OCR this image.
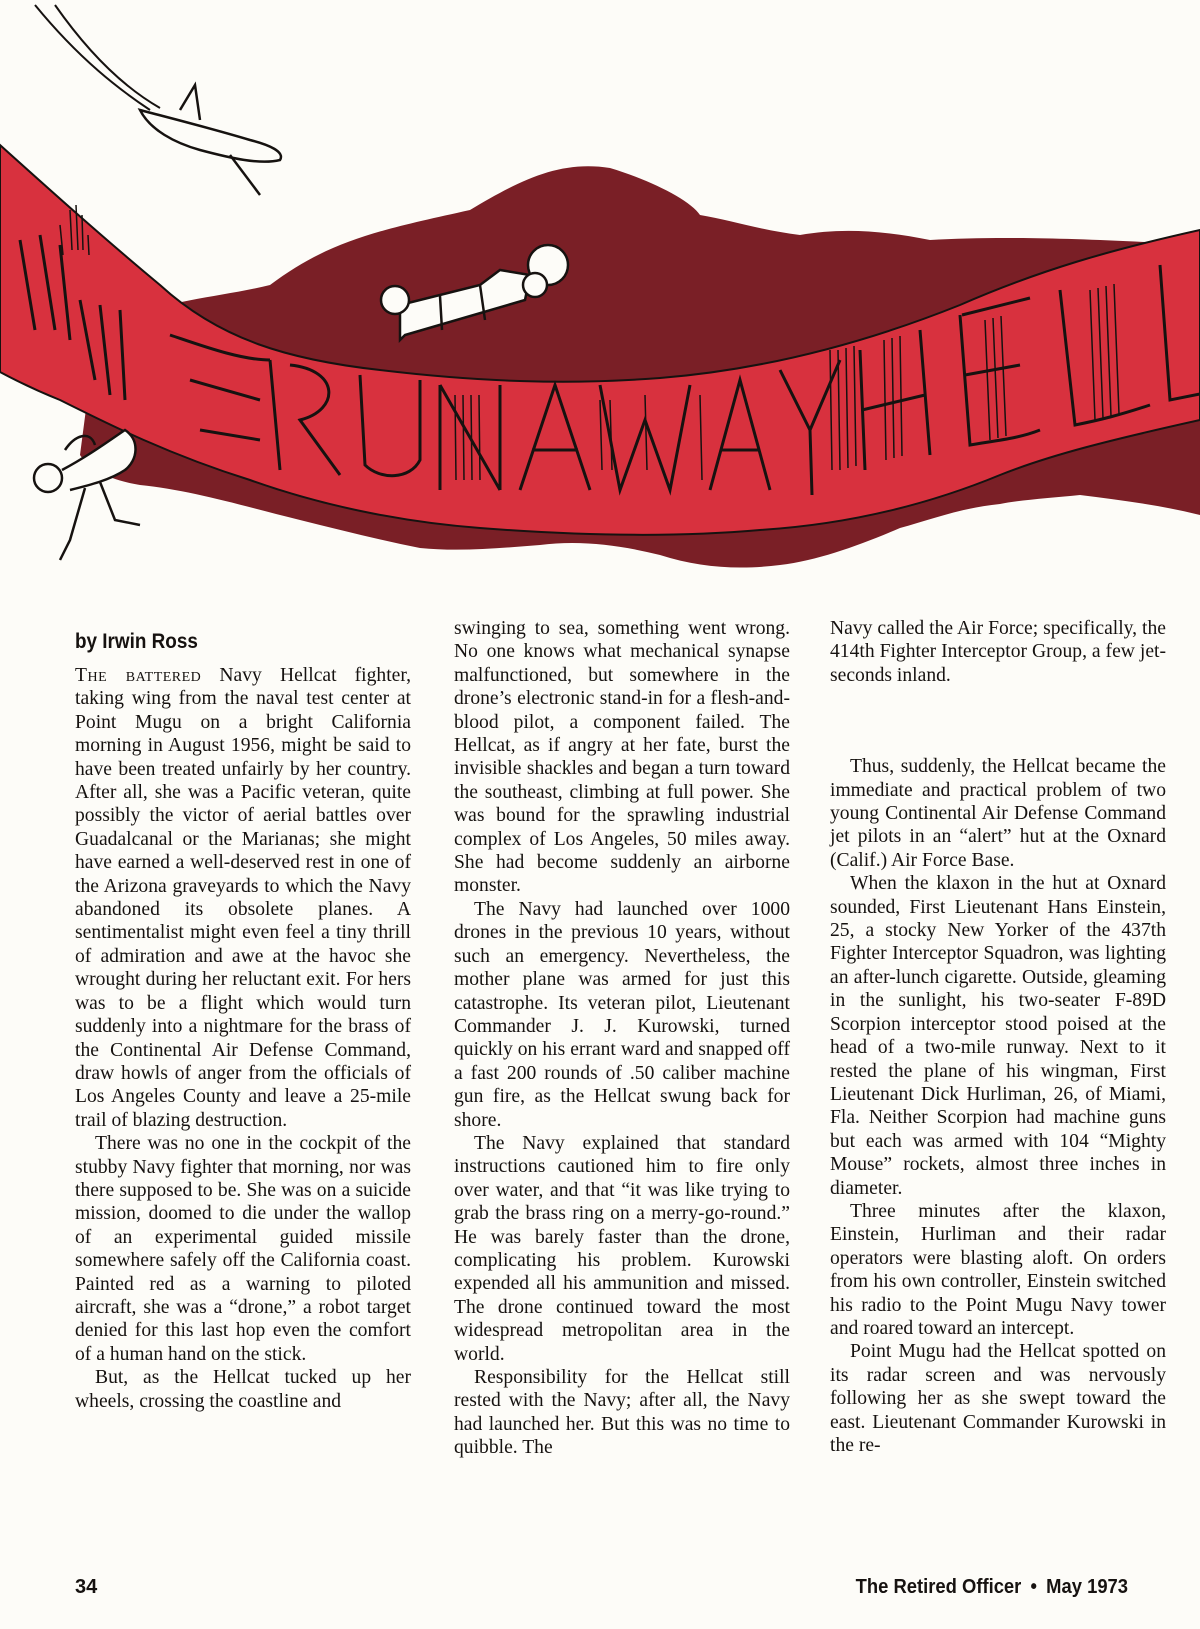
by Irwin Ross

The battered Navy Hellcat fighter, taking wing from the naval test center at Point Mugu on a bright California morning in August 1956, might be said to have been treated unfairly by her country. After all, she was a Pacific veteran, quite possibly the victor of aerial battles over Guadalcanal or the Marianas; she might have earned a well-deserved rest in one of the Arizona graveyards to which the Navy abandoned its obsolete planes. A sentimentalist might even feel a tiny thrill of admiration and awe at the havoc she wrought during her reluctant exit. For hers was to be a flight which would turn suddenly into a nightmare for the brass of the Continental Air Defense Command, draw howls of anger from the officials of Los Angeles County and leave a 25-mile trail of blazing destruction.

There was no one in the cockpit of the stubby Navy fighter that morning, nor was there supposed to be. She was on a suicide mission, doomed to die under the wallop of an experimental guided missile somewhere safely off the California coast. Painted red as a warning to piloted aircraft, she was a “drone,” a robot target denied for this last hop even the comfort of a human hand on the stick.

But, as the Hellcat tucked up her wheels, crossing the coastline and

swinging to sea, something went wrong. No one knows what mechanical synapse malfunctioned, but somewhere in the drone’s electronic stand-in for a flesh-and-blood pilot, a component failed. The Hellcat, as if angry at her fate, burst the invisible shackles and began a turn toward the southeast, climbing at full power. She was bound for the sprawling industrial complex of Los Angeles, 50 miles away. She had become suddenly an airborne monster.

The Navy had launched over 1000 drones in the previous 10 years, without such an emergency. Nevertheless, the mother plane was armed for just this catastrophe. Its veteran pilot, Lieutenant Commander J. J. Kurowski, turned quickly on his errant ward and snapped off a fast 200 rounds of .50 caliber machine gun fire, as the Hellcat swung back for shore.

The Navy explained that standard instructions cautioned him to fire only over water, and that “it was like trying to grab the brass ring on a merry-go-round.” He was barely faster than the drone, complicating his problem. Kurowski expended all his ammunition and missed. The drone continued toward the most widespread metropolitan area in the world.

Responsibility for the Hellcat still rested with the Navy; after all, the Navy had launched her. But this was no time to quibble. The

Navy called the Air Force; specifically, the 414th Fighter Interceptor Group, a few jet-seconds inland.

Thus, suddenly, the Hellcat became the immediate and practical problem of two young Continental Air Defense Command jet pilots in an “alert” hut at the Oxnard (Calif.) Air Force Base.

When the klaxon in the hut at Oxnard sounded, First Lieutenant Hans Einstein, 25, a stocky New Yorker of the 437th Fighter Interceptor Squadron, was lighting an after-lunch cigarette. Outside, gleaming in the sunlight, his two-seater F-89D Scorpion interceptor stood poised at the head of a two-mile runway. Next to it rested the plane of his wingman, First Lieutenant Dick Hurliman, 26, of Miami, Fla. Neither Scorpion had machine guns but each was armed with 104 “Mighty Mouse” rockets, almost three inches in diameter.

Three minutes after the klaxon, Einstein, Hurliman and their radar operators were blasting aloft. On orders from his own controller, Einstein switched his radio to the Point Mugu Navy tower and roared toward an intercept.

Point Mugu had the Hellcat spotted on its radar screen and was nervously following her as she swept toward the east. Lieutenant Commander Kurowski in the re-

34	The Retired Officer • May 1973
